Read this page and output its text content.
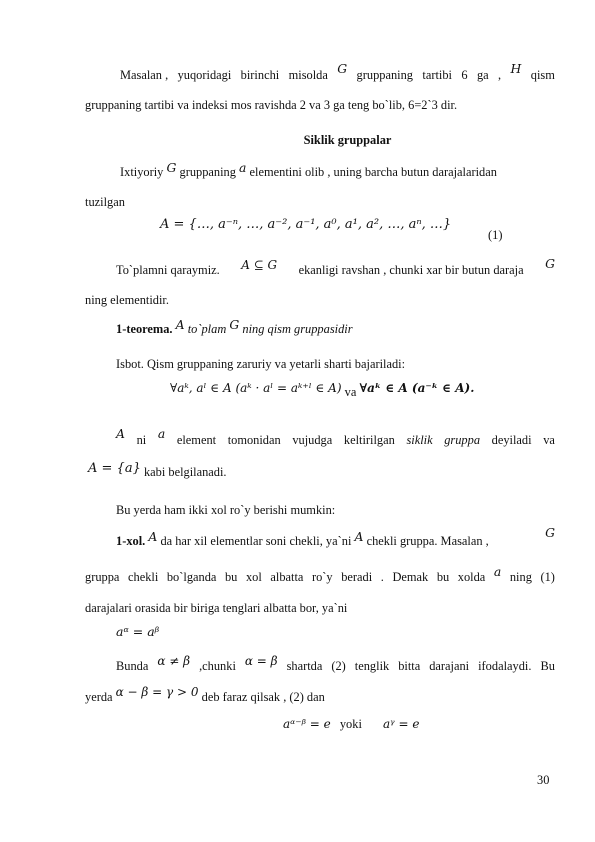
Masalan , yuqoridagi birinchi misolda G gruppaning tartibi 6 ga , H qism
gruppaning tartibi va indeksi mos ravishda 2 va 3 ga teng bo`lib, 6=2`3 dir.
Siklik gruppalar
Ixtiyoriy G gruppaning a elementini olib , uning barcha butun darajalaridan
tuzilgan
A = {…, a⁻ⁿ, …, a⁻², a⁻¹, a⁰, a¹, a², …, aⁿ, …}
(1)
To`plamni qaraymiz. A ⊆ G ekanligi ravshan , chunki xar bir butun daraja G
ning elementidir.
1-teorema. A to`plam G ning qism gruppasidir
Isbot. Qism gruppaning zaruriy va yetarli sharti bajariladi:
∀aᵏ, aˡ ∈ A (aᵏ · aˡ = aᵏ⁺ˡ ∈ A) va ∀aᵏ ∈ A (a⁻ᵏ ∈ A).
A ni a element tomonidan vujudga keltirilgan siklik gruppa deyiladi va
A = {a} kabi belgilanadi.
Bu yerda ham ikki xol ro`y berishi mumkin:
1-xol. A da har xil elementlar soni chekli, ya`ni A chekli gruppa. Masalan ,
G
gruppa chekli bo`lganda bu xol albatta ro`y beradi . Demak bu xolda a ning (1)
darajalari orasida bir biriga tenglari albatta bor, ya`ni
aᵅ = aᵝ
Bunda α ≠ β ,chunki α = β shartda (2) tenglik bitta darajani ifodalaydi. Bu
yerda α − β = γ > 0 deb faraz qilsak , (2) dan
aᵅ⁻ᵝ = e yoki aᵞ = e
30
